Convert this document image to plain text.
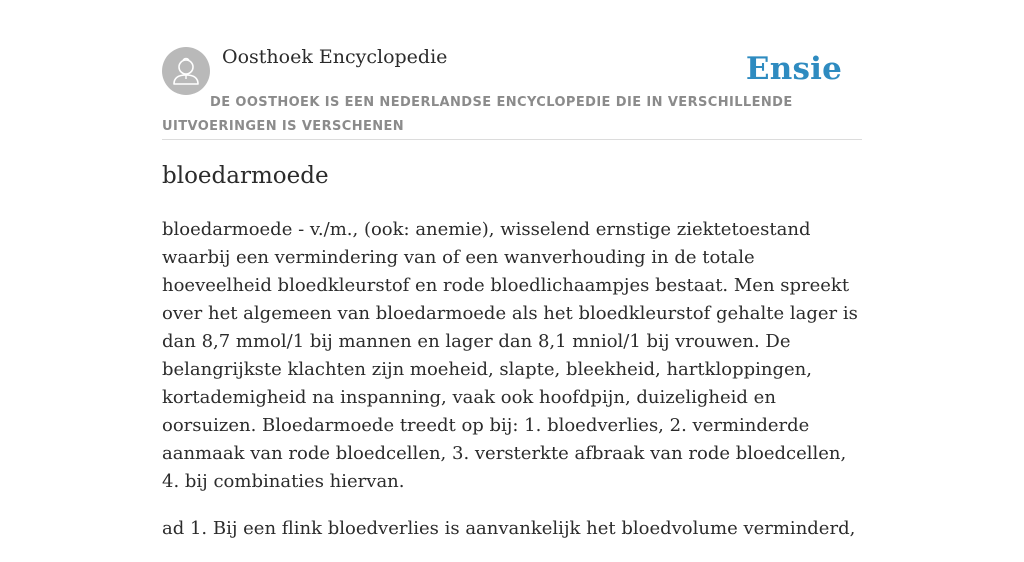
Oosthoek Encyclopedie	Ensie
DE OOSTHOEK IS EEN NEDERLANDSE ENCYCLOPEDIE DIE IN VERSCHILLENDE UITVOERINGEN IS VERSCHENEN
bloedarmoede

bloedarmoede - v./m., (ook: anemie), wisselend ernstige ziektetoestand waarbij een vermindering van of een wanverhouding in de totale hoeveelheid bloedkleurstof en rode bloedlichaampjes bestaat. Men spreekt over het algemeen van bloedarmoede als het bloedkleurstof gehalte lager is dan 8,7 mmol/1 bij mannen en lager dan 8,1 mniol/1 bij vrouwen. De belangrijkste klachten zijn moeheid, slapte, bleekheid, hartkloppingen, kortademigheid na inspanning, vaak ook hoofdpijn, duizeligheid en oorsuizen. Bloedarmoede treedt op bij: 1. bloedverlies, 2. verminderde aanmaak van rode bloedcellen, 3. versterkte afbraak van rode bloedcellen, 4. bij combinaties hiervan.

ad 1. Bij een flink bloedverlies is aanvankelijk het bloedvolume verminderd,
